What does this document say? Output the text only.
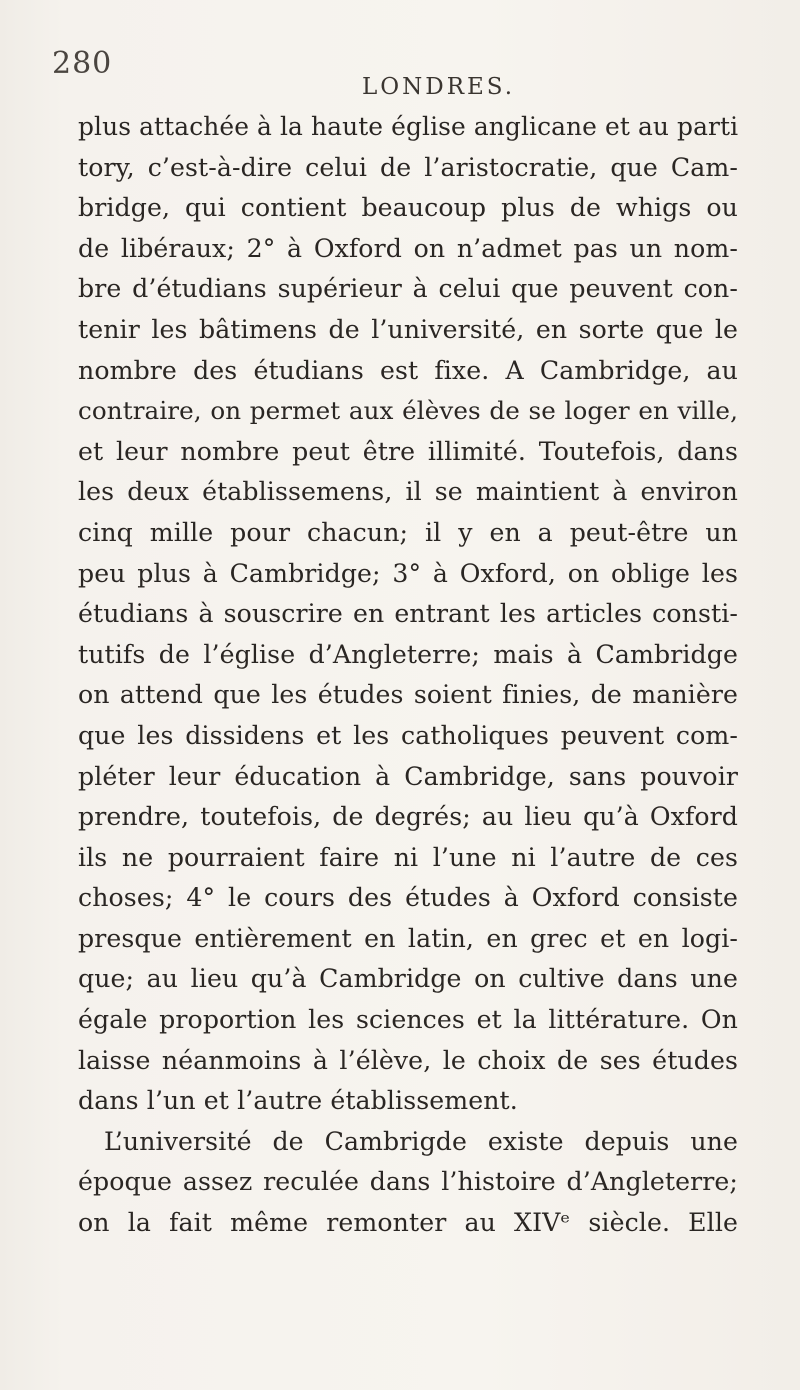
280
LONDRES.
plus attachée à la haute église anglicane et au parti
tory, c’est-à-dire celui de l’aristocratie, que Cam-
bridge, qui contient beaucoup plus de whigs ou
de libéraux; 2° à Oxford on n’admet pas un nom-
bre d’étudians supérieur à celui que peuvent con-
tenir les bâtimens de l’université, en sorte que le
nombre des étudians est fixe. A Cambridge, au
contraire, on permet aux élèves de se loger en ville,
et leur nombre peut être illimité. Toutefois, dans
les deux établissemens, il se maintient à environ
cinq mille pour chacun; il y en a peut-être un
peu plus à Cambridge; 3° à Oxford, on oblige les
étudians à souscrire en entrant les articles consti-
tutifs de l’église d’Angleterre; mais à Cambridge
on attend que les études soient finies, de manière
que les dissidens et les catholiques peuvent com-
pléter leur éducation à Cambridge, sans pouvoir
prendre, toutefois, de degrés; au lieu qu’à Oxford
ils ne pourraient faire ni l’une ni l’autre de ces
choses; 4° le cours des études à Oxford consiste
presque entièrement en latin, en grec et en logi-
que; au lieu qu’à Cambridge on cultive dans une
égale proportion les sciences et la littérature. On
laisse néanmoins à l’élève, le choix de ses études
dans l’un et l’autre établissement.
L’université de Cambrigde existe depuis une
époque assez reculée dans l’histoire d’Angleterre;
on la fait même remonter au XIVᵉ siècle. Elle
